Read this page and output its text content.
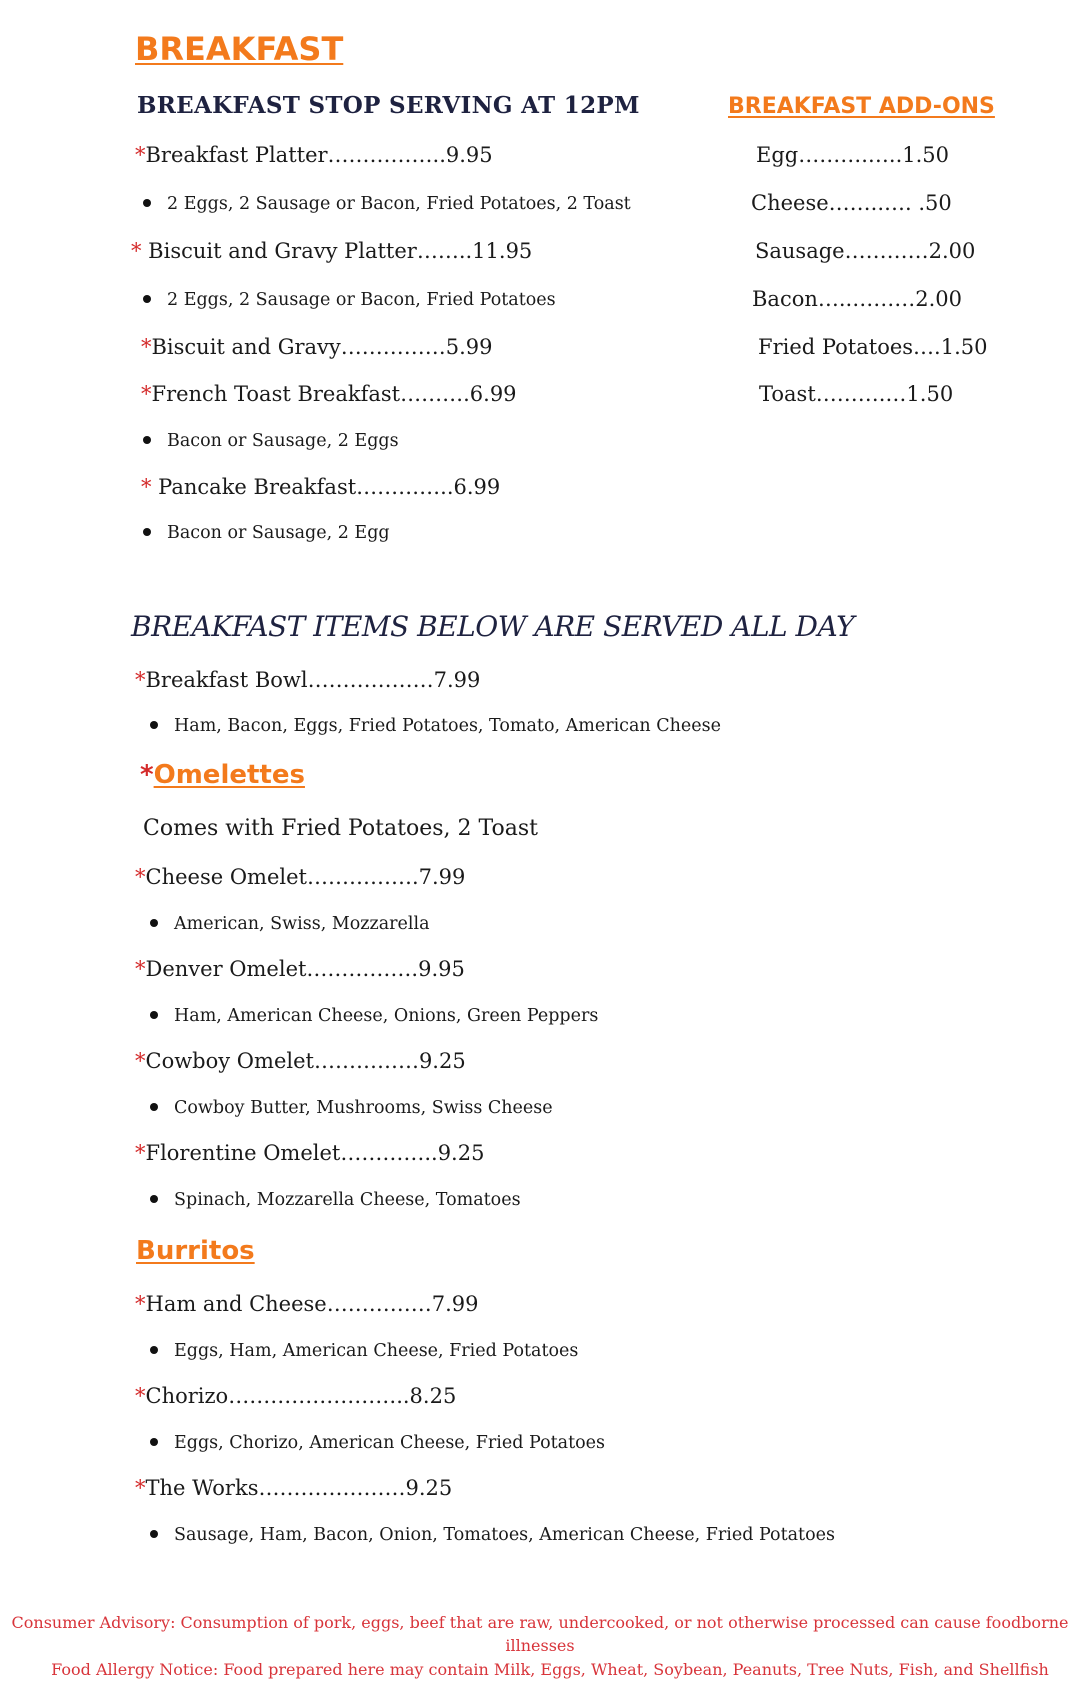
BREAKFAST
BREAKFAST STOP SERVING AT 12PM	BREAKFAST ADD-ONS
*Breakfast Platter……………..9.95
2 Eggs, 2 Sausage or Bacon, Fried Potatoes, 2 Toast
* Biscuit and Gravy Platter……..11.95
2 Eggs, 2 Sausage or Bacon, Fried Potatoes
*Biscuit and Gravy……………5.99
*French Toast Breakfast……….6.99
Bacon or Sausage, 2 Eggs
* Pancake Breakfast…………..6.99
Bacon or Sausage, 2 Egg
Egg……….…..1.50
Cheese……..…. .50
Sausage…………2.00
Bacon…..………2.00
Fried Potatoes….1.50
Toast……….…1.50
BREAKFAST ITEMS BELOW ARE SERVED ALL DAY
*Breakfast Bowl………………7.99
Ham, Bacon, Eggs, Fried Potatoes, Tomato, American Cheese
*Omelettes
Comes with Fried Potatoes, 2 Toast
*Cheese Omelet…………….7.99
American, Swiss, Mozzarella
*Denver Omelet…………….9.95
Ham, American Cheese, Onions, Green Peppers
*Cowboy Omelet……………9.25
Cowboy Butter, Mushrooms, Swiss Cheese
*Florentine Omelet…………..9.25
Spinach, Mozzarella Cheese, Tomatoes
Burritos
*Ham and Cheese……………7.99
Eggs, Ham, American Cheese, Fried Potatoes
*Chorizo……………………..8.25
Eggs, Chorizo, American Cheese, Fried Potatoes
*The Works…………………9.25
Sausage, Ham, Bacon, Onion, Tomatoes, American Cheese, Fried Potatoes
Consumer Advisory: Consumption of pork, eggs, beef that are raw, undercooked, or not otherwise processed can cause foodborne
illnesses
Food Allergy Notice: Food prepared here may contain Milk, Eggs, Wheat, Soybean, Peanuts, Tree Nuts, Fish, and Shellfish
